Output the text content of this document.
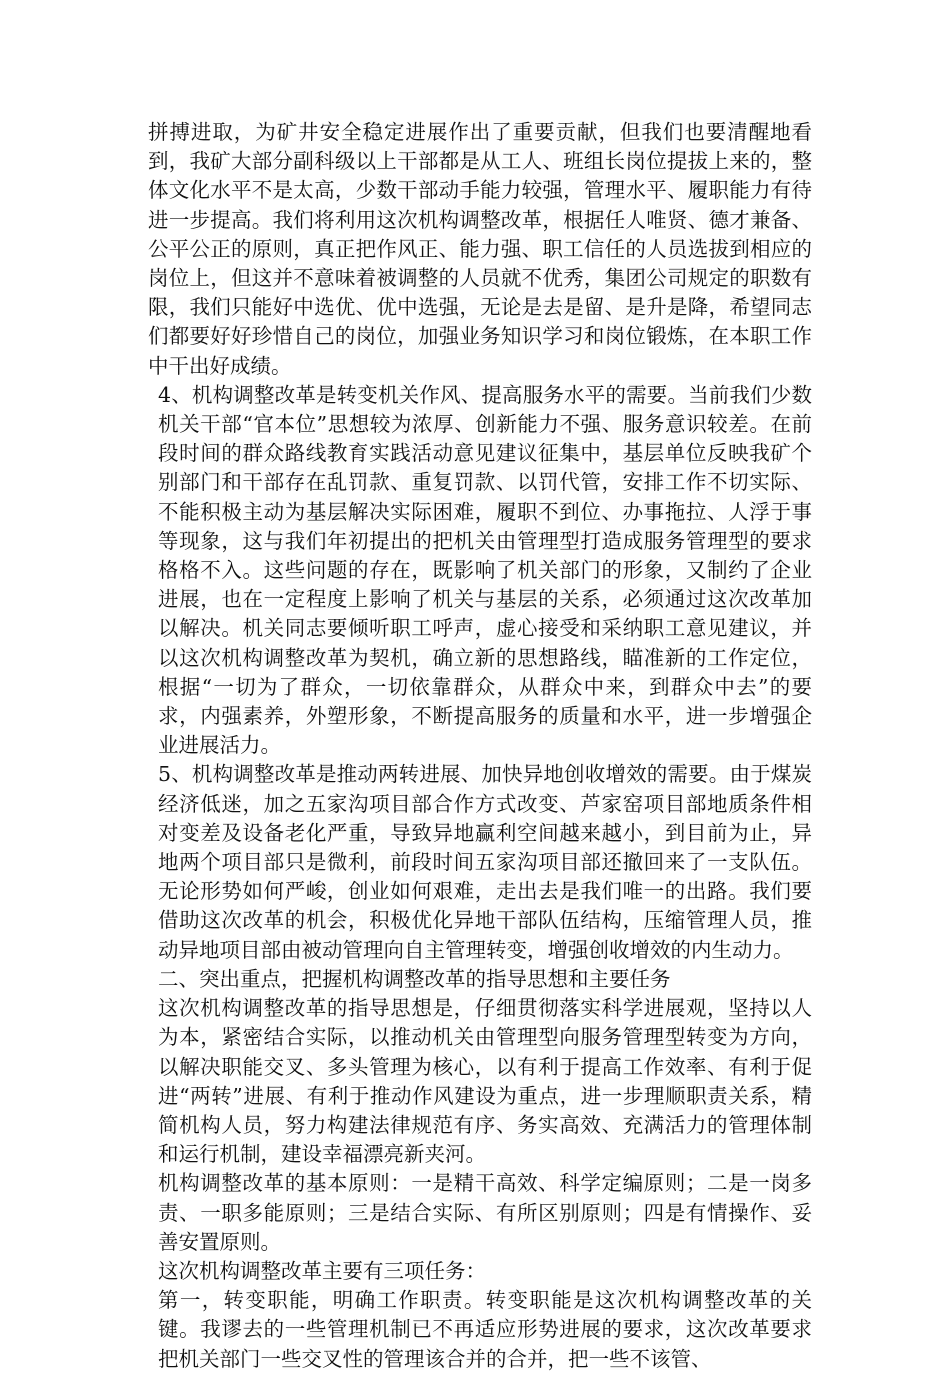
拼搏进取，为矿井安全稳定进展作出了重要贡献，但我们也要清醒地看到，我矿大部分副科级以上干部都是从工人、班组长岗位提拔上来的，整体文化水平不是太高，少数干部动手能力较强，管理水平、履职能力有待进一步提高。我们将利用这次机构调整改革，根据任人唯贤、德才兼备、公平公正的原则，真正把作风正、能力强、职工信任的人员选拔到相应的岗位上，但这并不意味着被调整的人员就不优秀，集团公司规定的职数有限，我们只能好中选优、优中选强，无论是去是留、是升是降，希望同志们都要好好珍惜自己的岗位，加强业务知识学习和岗位锻炼，在本职工作中干出好成绩。

4、机构调整改革是转变机关作风、提高服务水平的需要。当前我们少数机关干部“官本位”思想较为浓厚、创新能力不强、服务意识较差。在前段时间的群众路线教育实践活动意见建议征集中，基层单位反映我矿个别部门和干部存在乱罚款、重复罚款、以罚代管，安排工作不切实际、不能积极主动为基层解决实际困难，履职不到位、办事拖拉、人浮于事等现象，这与我们年初提出的把机关由管理型打造成服务管理型的要求格格不入。这些问题的存在，既影响了机关部门的形象，又制约了企业进展，也在一定程度上影响了机关与基层的关系，必须通过这次改革加以解决。机关同志要倾听职工呼声，虚心接受和采纳职工意见建议，并以这次机构调整改革为契机，确立新的思想路线，瞄准新的工作定位，根据“一切为了群众，一切依靠群众，从群众中来，到群众中去”的要求，内强素养，外塑形象，不断提高服务的质量和水平，进一步增强企业进展活力。

5、机构调整改革是推动两转进展、加快异地创收增效的需要。由于煤炭经济低迷，加之五家沟项目部合作方式改变、芦家窑项目部地质条件相对变差及设备老化严重，导致异地赢利空间越来越小，到目前为止，异地两个项目部只是微利，前段时间五家沟项目部还撤回来了一支队伍。无论形势如何严峻，创业如何艰难，走出去是我们唯一的出路。我们要借助这次改革的机会，积极优化异地干部队伍结构，压缩管理人员，推动异地项目部由被动管理向自主管理转变，增强创收增效的内生动力。

二、突出重点，把握机构调整改革的指导思想和主要任务

这次机构调整改革的指导思想是，仔细贯彻落实科学进展观，坚持以人为本，紧密结合实际，以推动机关由管理型向服务管理型转变为方向，以解决职能交叉、多头管理为核心，以有利于提高工作效率、有利于促进“两转”进展、有利于推动作风建设为重点，进一步理顺职责关系，精简机构人员，努力构建法律规范有序、务实高效、充满活力的管理体制和运行机制，建设幸福漂亮新夹河。

机构调整改革的基本原则：一是精干高效、科学定编原则；二是一岗多责、一职多能原则；三是结合实际、有所区别原则；四是有情操作、妥善安置原则。

这次机构调整改革主要有三项任务：

第一，转变职能，明确工作职责。转变职能是这次机构调整改革的关键。我谬去的一些管理机制已不再适应形势进展的要求，这次改革要求把机关部门一些交叉性的管理该合并的合并，把一些不该管、
